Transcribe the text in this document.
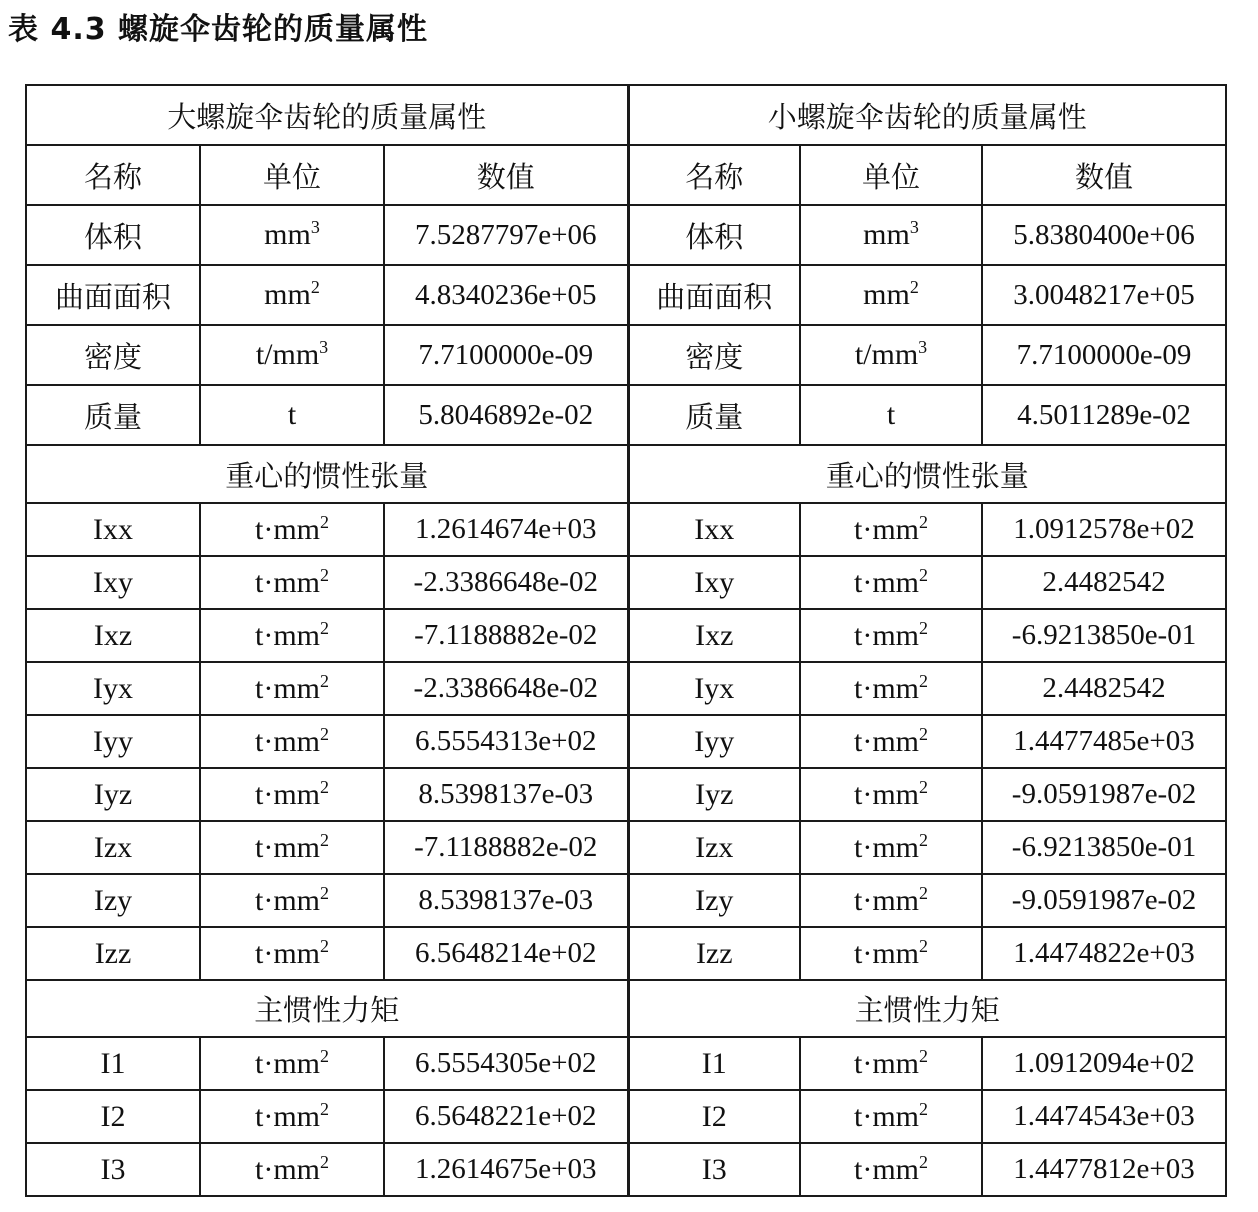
表 4.3 螺旋伞齿轮的质量属性
大螺旋伞齿轮的质量属性			小螺旋伞齿轮的质量属性		
名称	单位	数值	名称	单位	数值
体积	$mm^3$	7.5287797e+06	体积	$mm^3$	5.8380400e+06
曲面面积	$mm^2$	4.8340236e+05	曲面面积	$mm^2$	3.0048217e+05
密度	$t/mm^3$	7.7100000e-09	密度	$t/mm^3$	7.7100000e-09
质量	t	5.8046892e-02	质量	t	4.5011289e-02
重心的惯性张量			重心的惯性张量		
Ixx	$t\cdot mm^2$	1.2614674e+03	Ixx	$t\cdot mm^2$	1.0912578e+02
Ixy	$t\cdot mm^2$	-2.3386648e-02	Ixy	$t\cdot mm^2$	2.4482542
Ixz	$t\cdot mm^2$	-7.1188882e-02	Ixz	$t\cdot mm^2$	-6.9213850e-01
Iyx	$t\cdot mm^2$	-2.3386648e-02	Iyx	$t\cdot mm^2$	2.4482542
Iyy	$t\cdot mm^2$	6.5554313e+02	Iyy	$t\cdot mm^2$	1.4477485e+03
Iyz	$t\cdot mm^2$	8.5398137e-03	Iyz	$t\cdot mm^2$	-9.0591987e-02
Izx	$t\cdot mm^2$	-7.1188882e-02	Izx	$t\cdot mm^2$	-6.9213850e-01
Izy	$t\cdot mm^2$	8.5398137e-03	Izy	$t\cdot mm^2$	-9.0591987e-02
Izz	$t\cdot mm^2$	6.5648214e+02	Izz	$t\cdot mm^2$	1.4474822e+03
主惯性力矩			主惯性力矩		
I1	$t\cdot mm^2$	6.5554305e+02	I1	$t\cdot mm^2$	1.0912094e+02
I2	$t\cdot mm^2$	6.5648221e+02	I2	$t\cdot mm^2$	1.4474543e+03
I3	$t\cdot mm^2$	1.2614675e+03	I3	$t\cdot mm^2$	1.4477812e+03
